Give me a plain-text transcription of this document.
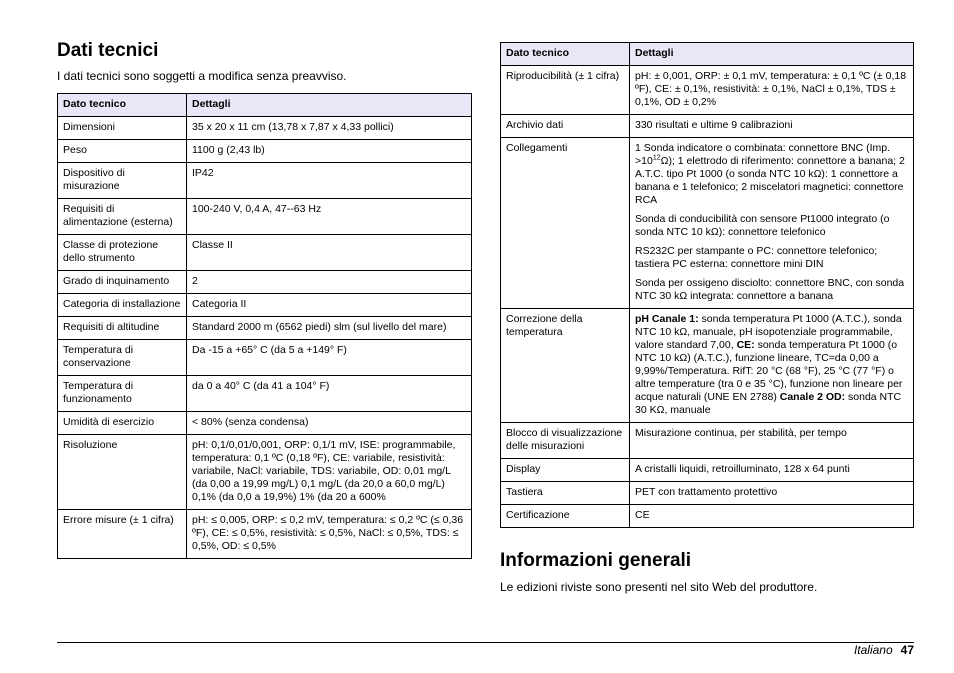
Dati tecnici
I dati tecnici sono soggetti a modifica senza preavviso.
Dato tecnico	Dettagli
Dimensioni	35 x 20 x 11 cm (13,78 x 7,87 x 4,33 pollici)
Peso	1100 g (2,43 lb)
Dispositivo di misurazione	IP42
Requisiti di alimentazione (esterna)	100-240 V, 0,4 A, 47--63 Hz
Classe di protezione dello strumento	Classe II
Grado di inquinamento	2
Categoria di installazione	Categoria II
Requisiti di altitudine	Standard 2000 m (6562 piedi) slm (sul livello del mare)
Temperatura di conservazione	Da -15 a +65° C (da 5 a +149° F)
Temperatura di funzionamento	da 0 a 40° C (da 41 a 104° F)
Umidità di esercizio	< 80% (senza condensa)
Risoluzione	pH: 0,1/0,01/0,001, ORP: 0,1/1 mV, ISE: programmabile, temperatura: 0,1 ºC (0,18 ºF), CE: variabile, resistività: variabile, NaCl: variabile, TDS: variabile, OD: 0,01 mg/L (da 0,00 a 19,99 mg/L) 0,1 mg/L (da 20,0 a 60,0 mg/L) 0,1% (da 0,0 a 19,9%) 1% (da 20 a 600%
Errore misure (± 1 cifra)	pH: ≤ 0,005, ORP: ≤ 0,2 mV, temperatura: ≤ 0,2 ºC (≤ 0,36 ºF), CE: ≤ 0,5%, resistività: ≤ 0,5%, NaCl: ≤ 0,5%, TDS: ≤ 0,5%, OD: ≤ 0,5%
Dato tecnico	Dettagli
Riproducibilità (± 1 cifra)	pH: ± 0,001, ORP: ± 0,1 mV, temperatura: ± 0,1 ºC (± 0,18 ºF), CE: ± 0,1%, resistività: ± 0,1%, NaCl ± 0,1%, TDS ± 0,1%, OD ± 0,2%
Archivio dati	330 risultati e ultime 9 calibrazioni
Collegamenti	1 Sonda indicatore o combinata: connettore BNC (Imp. $>10^{12}\Omega$); 1 elettrodo di riferimento: connettore a banana; 2 A.T.C. tipo Pt 1000 (o sonda NTC 10 kΩ): 1 connettore a banana e 1 telefonico; 2 miscelatori magnetici: connettore RCA

Sonda di conducibilità con sensore Pt1000 integrato (o sonda NTC 10 kΩ): connettore telefonico

RS232C per stampante o PC: connettore telefonico; tastiera PC esterna: connettore mini DIN

Sonda per ossigeno disciolto: connettore BNC, con sonda NTC 30 kΩ integrata: connettore a banana

Correzione della temperatura	pH Canale 1: sonda temperatura Pt 1000 (A.T.C.), sonda NTC 10 kΩ, manuale, pH isopotenziale programmabile, valore standard 7,00, CE: sonda temperatura Pt 1000 (o NTC 10 kΩ) (A.T.C.), funzione lineare, TC=da 0,00 a 9,99%/Temperatura. RifT: 20 °C (68 °F), 25 °C (77 °F) o altre temperature (tra 0 e 35 °C), funzione non lineare per acque naturali (UNE EN 2788) Canale 2 OD: sonda NTC 30 KΩ, manuale
Blocco di visualizzazione delle misurazioni	Misurazione continua, per stabilità, per tempo
Display	A cristalli liquidi, retroilluminato, 128 x 64 punti
Tastiera	PET con trattamento protettivo
Certificazione	CE
Informazioni generali
Le edizioni riviste sono presenti nel sito Web del produttore.
Italiano 47
